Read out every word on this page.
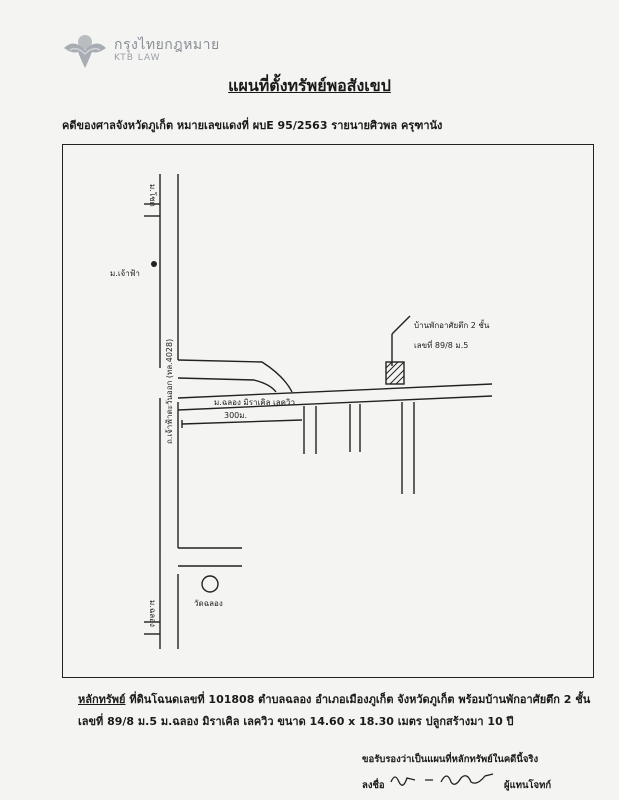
กรุงไทยกฎหมาย
KTB LAW
แผนที่ตั้งทรัพย์พอสังเขป
คดีของศาลจังหวัดภูเก็ต หมายเลขแดงที่ ผบE 95/2563 รายนายศิวพล ครุฑานัง
ม.โชต
ม.เจ้าฟ้า
ถ.เจ้าฟ้าตะวันออก (ทล.4028)	ม.ฉลอง มิราเคิล เลควิว
300ม.
บ้านพักอาศัยตึก 2 ชั้น
เลขที่ 89/8 ม.5
วัดฉลอง
ม.ฉลอง
หลักทรัพย์ ที่ดินโฉนดเลขที่ 101808 ตำบลฉลอง อำเภอเมืองภูเก็ต จังหวัดภูเก็ต พร้อมบ้านพักอาศัยตึก 2 ชั้น
เลขที่ 89/8 ม.5 ม.ฉลอง มิราเคิล เลควิว ขนาด 14.60 x 18.30 เมตร ปลูกสร้างมา 10 ปี
ขอรับรองว่าเป็นแผนที่หลักทรัพย์ในคดีนี้จริง
ลงชื่อ	ผู้แทนโจทก์
